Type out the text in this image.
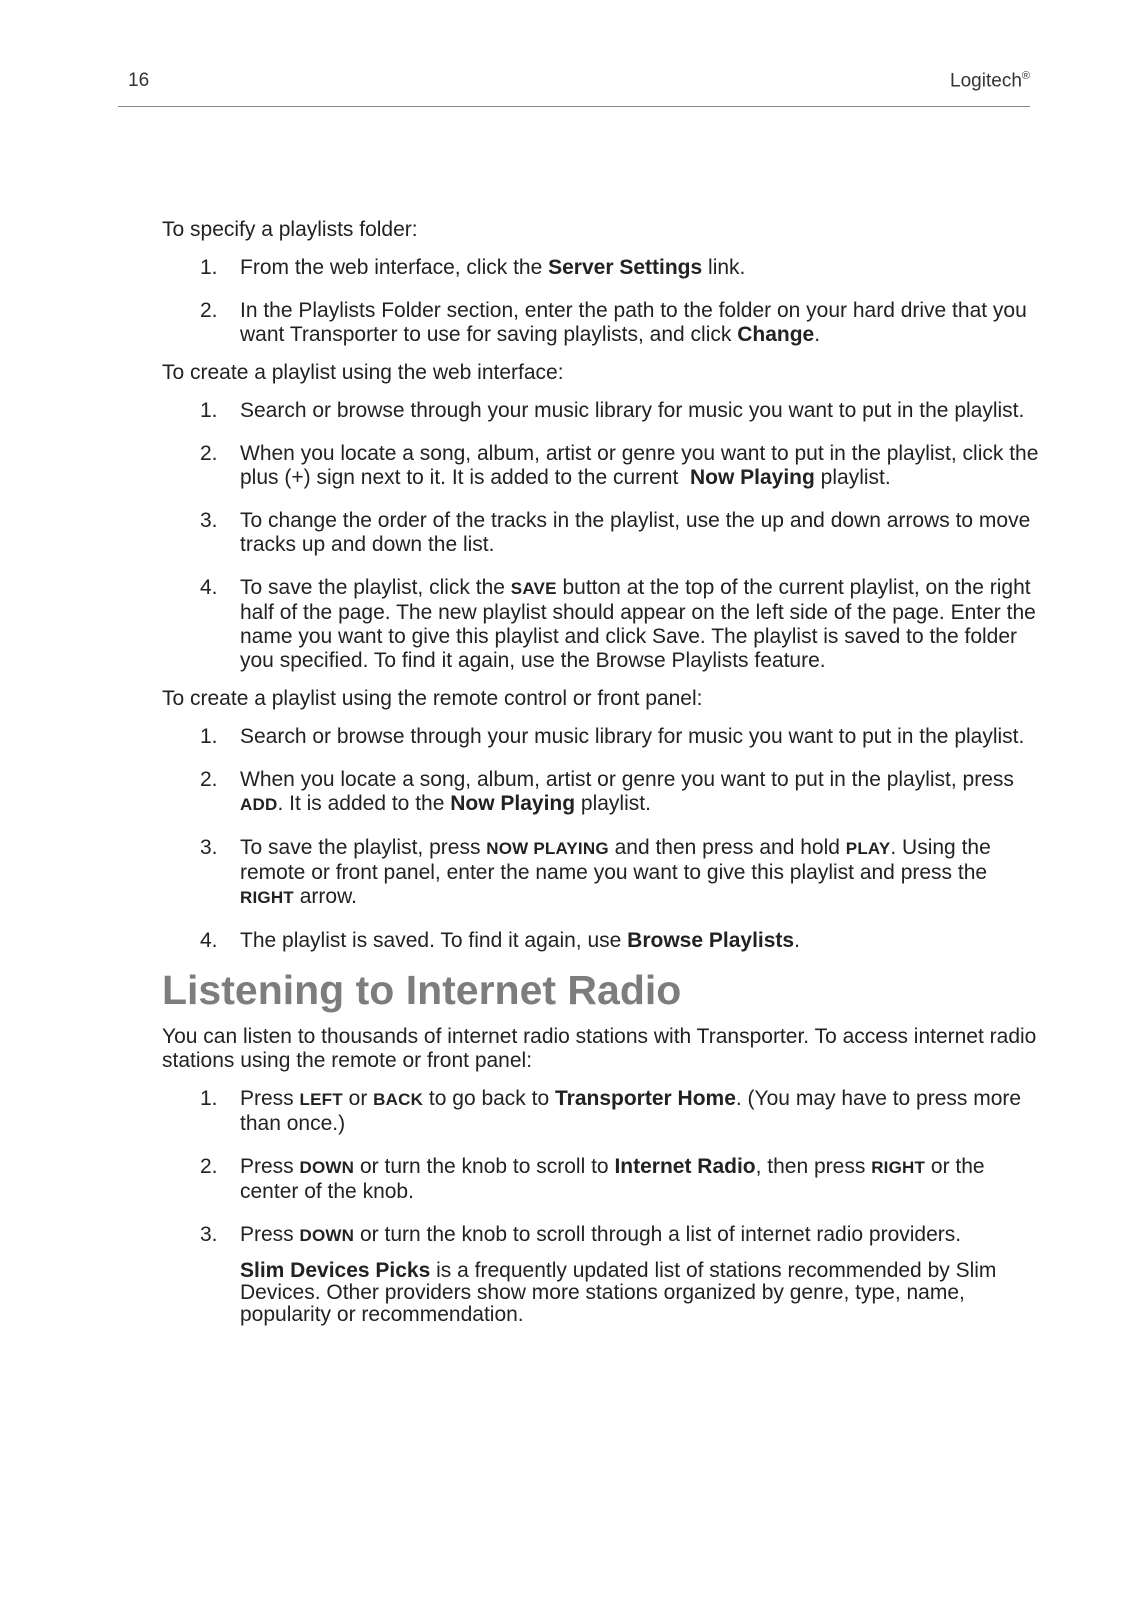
16	Logitech®

To specify a playlists folder:

1. From the web interface, click the Server Settings link.
2. In the Playlists Folder section, enter the path to the folder on your hard drive that you want Transporter to use for saving playlists, and click Change.

To create a playlist using the web interface:

1. Search or browse through your music library for music you want to put in the playlist.
2. When you locate a song, album, artist or genre you want to put in the playlist, click the plus (+) sign next to it. It is added to the current  Now Playing playlist.
3. To change the order of the tracks in the playlist, use the up and down arrows to move tracks up and down the list.
4. To save the playlist, click the SAVE button at the top of the current playlist, on the right half of the page. The new playlist should appear on the left side of the page. Enter the name you want to give this playlist and click Save. The playlist is saved to the folder you specified. To find it again, use the Browse Playlists feature.

To create a playlist using the remote control or front panel:

1. Search or browse through your music library for music you want to put in the playlist.
2. When you locate a song, album, artist or genre you want to put in the playlist, press ADD. It is added to the Now Playing playlist.
3. To save the playlist, press NOW PLAYING and then press and hold PLAY. Using the remote or front panel, enter the name you want to give this playlist and press the RIGHT arrow.
4. The playlist is saved. To find it again, use Browse Playlists.
Listening to Internet Radio

You can listen to thousands of internet radio stations with Transporter. To access internet radio stations using the remote or front panel:

1. Press LEFT or BACK to go back to Transporter Home. (You may have to press more than once.)
2. Press DOWN or turn the knob to scroll to Internet Radio, then press RIGHT or the center of the knob.
3. Press DOWN or turn the knob to scroll through a list of internet radio providers.

Slim Devices Picks is a frequently updated list of stations recommended by Slim Devices. Other providers show more stations organized by genre, type, name, popularity or recommendation.
